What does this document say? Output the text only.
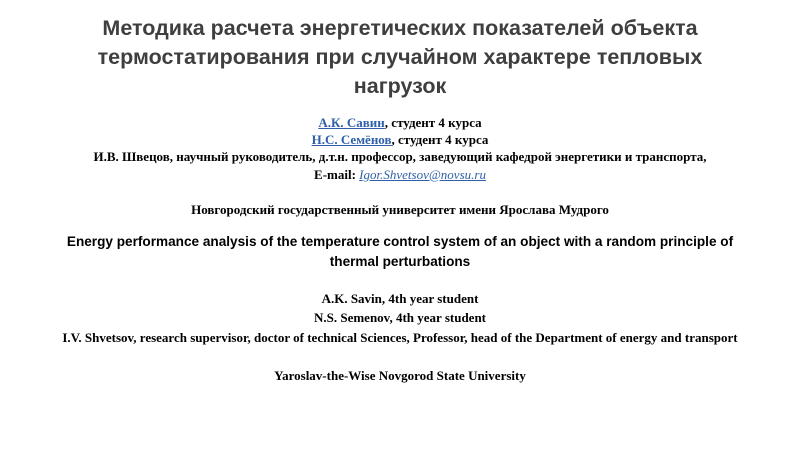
Методика расчета энергетических показателей объекта
термостатирования при случайном характере тепловых
нагрузок
А.К. Савин, студент 4 курса
Н.С. Семёнов, студент 4 курса
И.В. Швецов, научный руководитель, д.т.н. профессор, заведующий кафедрой энергетики и транспорта,
E-mail: Igor.Shvetsov@novsu.ru
Новгородский государственный университет имени Ярослава Мудрого
Energy performance analysis of the temperature control system of an object with a random principle of
thermal perturbations
A.K. Savin, 4th year student
N.S. Semenov, 4th year student
I.V. Shvetsov, research supervisor, doctor of technical Sciences, Professor, head of the Department of energy and transport
Yaroslav-the-Wise Novgorod State University
